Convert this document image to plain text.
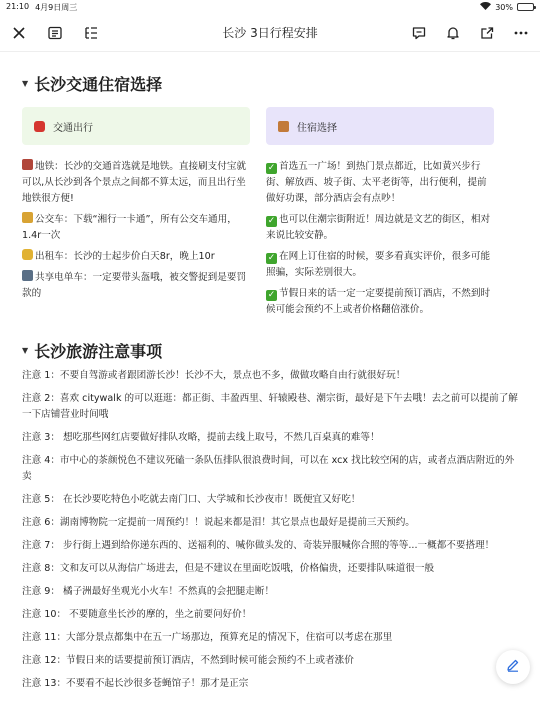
21:10 4月9日周三	30%
长沙 3日行程安排
▼ 长沙交通住宿选择
交通出行

地铁：长沙的交通首选就是地铁。直接刷支付宝就可以,从长沙到各个景点之间都不算太远，而且出行坐地铁很方便!

公交车：下载“湘行一卡通”，所有公交车通用，1.4r一次

出租车：长沙的士起步价白天8r，晚上10r

共享电单车：一定要带头盔哦，被交警捉到是要罚款的

住宿选择

✓ 首选五一广场！到热门景点都近，比如黄兴步行街、解放西、坡子街、太平老街等，出行便利，提前做好功课，部分酒店会有点吵！

✓ 也可以住潮宗街附近！周边就是文艺的街区，相对来说比较安静。

✓ 在网上订住宿的时候，要多看真实评价，很多可能照骗，实际差别很大。

✓ 节假日来的话一定一定要提前预订酒店，不然到时候可能会预约不上或者价格翻倍涨价。

▼ 长沙旅游注意事项

注意 1：不要自驾游或者跟团游长沙！长沙不大，景点也不多，做做攻略自由行就很好玩！

注意 2：喜欢 citywalk 的可以逛逛：都正街、丰盈西里、轩辕殿巷、潮宗街，最好是下午去哦！去之前可以提前了解一下店铺营业时间哦

注意 3： 想吃那些网红店要做好排队攻略，提前去线上取号，不然几百桌真的难等！

注意 4：市中心的茶颜悦色不建议死磕一条队伍排队很浪费时间，可以在 xcx 找比较空闲的店，或者点酒店附近的外卖

注意 5： 在长沙要吃特色小吃就去南门口、大学城和长沙夜市！既便宜又好吃！

注意 6：湖南博物院一定提前一周预约！！说起来都是泪！其它景点也最好是提前三天预约。

注意 7： 步行街上遇到给你递东西的、送福利的、喊你做头发的、奇装异服喊你合照的等等...一概都不要搭理！

注意 8：文和友可以从海信广场进去，但是不建议在里面吃饭哦，价格偏贵，还要排队味道很一般

注意 9： 橘子洲最好坐观光小火车！不然真的会把腿走断！

注意 10： 不要随意坐长沙的摩的，坐之前要问好价！

注意 11：大部分景点都集中在五一广场那边，预算充足的情况下，住宿可以考虑在那里

注意 12：节假日来的话要提前预订酒店，不然到时候可能会预约不上或者涨价

注意 13：不要看不起长沙很多苍蝇馆子！那才是正宗
